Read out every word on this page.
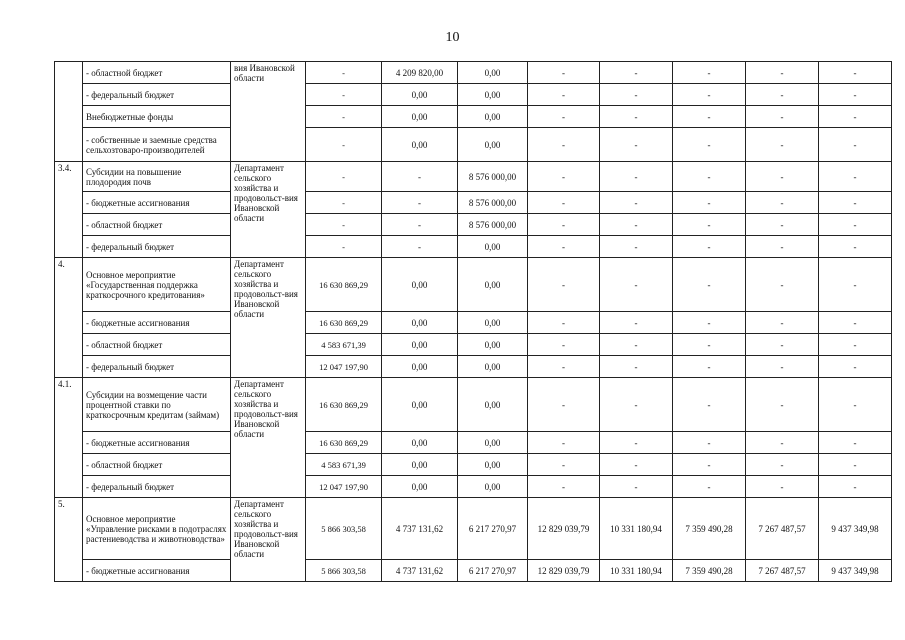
10
	- областной бюджет	вия Ивановской области	-	4 209 820,00	0,00	-	-	-	-	-
	- федеральный бюджет		-	0,00	0,00	-	-	-	-	-
	Внебюджетные фонды		-	0,00	0,00	-	-	-	-	-
	- собственные и заемные средства сельхозтоваро-производителей		-	0,00	0,00	-	-	-	-	-
3.4.	Субсидии на повышение плодородия почв	Департамент сельского хозяйства и продовольст-вия Ивановской области	-	-	8 576 000,00	-	-	-	-	-
	- бюджетные ассигнования		-	-	8 576 000,00	-	-	-	-	-
	- областной бюджет		-	-	8 576 000,00	-	-	-	-	-
	- федеральный бюджет		-	-	0,00	-	-	-	-	-
4.	Основное мероприятие «Государственная поддержка краткосрочного кредитования»	Департамент сельского хозяйства и продовольст-вия Ивановской области	16 630 869,29	0,00	0,00	-	-	-	-	-
	- бюджетные ассигнования		16 630 869,29	0,00	0,00	-	-	-	-	-
	- областной бюджет		4 583 671,39	0,00	0,00	-	-	-	-	-
	- федеральный бюджет		12 047 197,90	0,00	0,00	-	-	-	-	-
4.1.	Субсидии на возмещение части процентной ставки по краткосрочным кредитам (займам)	Департамент сельского хозяйства и продовольст-вия Ивановской области	16 630 869,29	0,00	0,00	-	-	-	-	-
	- бюджетные ассигнования		16 630 869,29	0,00	0,00	-	-	-	-	-
	- областной бюджет		4 583 671,39	0,00	0,00	-	-	-	-	-
	- федеральный бюджет		12 047 197,90	0,00	0,00	-	-	-	-	-
5.	Основное мероприятие «Управление рисками в подотраслях растениеводства и животноводства»	Департамент сельского хозяйства и продовольст-вия Ивановской области	5 866 303,58	4 737 131,62	6 217 270,97	12 829 039,79	10 331 180,94	7 359 490,28	7 267 487,57	9 437 349,98
	- бюджетные ассигнования		5 866 303,58	4 737 131,62	6 217 270,97	12 829 039,79	10 331 180,94	7 359 490,28	7 267 487,57	9 437 349,98
